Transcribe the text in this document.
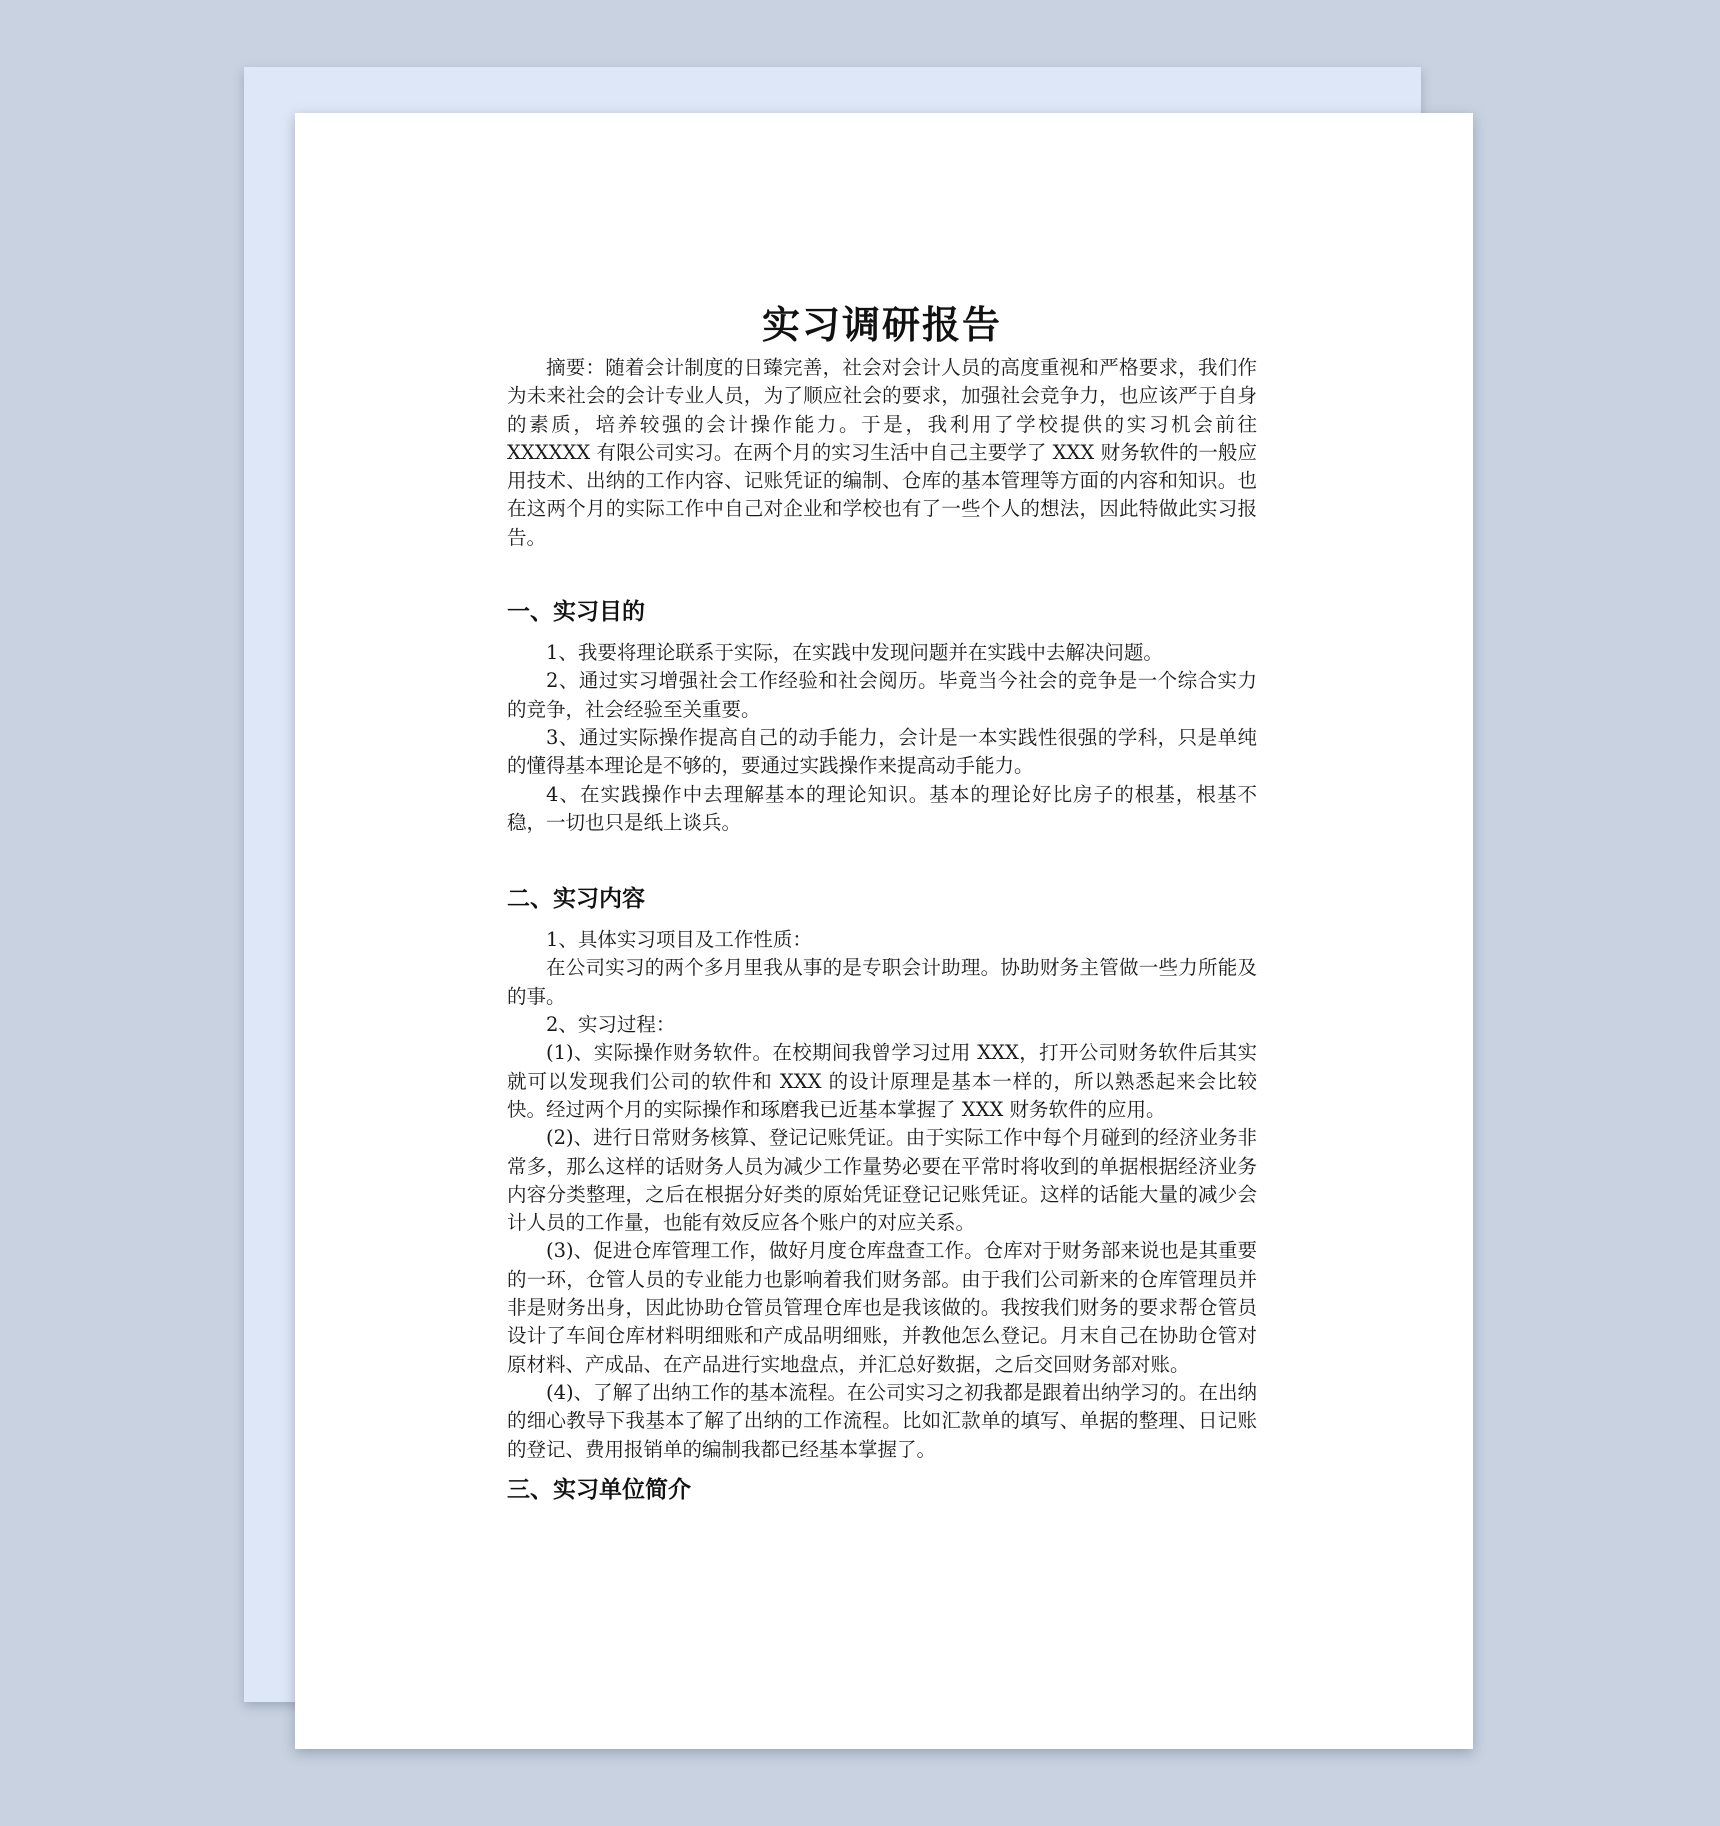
实习调研报告

摘要：随着会计制度的日臻完善，社会对会计人员的高度重视和严格要求，我们作为未来社会的会计专业人员，为了顺应社会的要求，加强社会竞争力，也应该严于自身的素质，培养较强的会计操作能力。于是，我利用了学校提供的实习机会前往 XXXXXX 有限公司实习。在两个月的实习生活中自己主要学了 XXX 财务软件的一般应用技术、出纳的工作内容、记账凭证的编制、仓库的基本管理等方面的内容和知识。也在这两个月的实际工作中自己对企业和学校也有了一些个人的想法，因此特做此实习报告。

一、实习目的

1、我要将理论联系于实际，在实践中发现问题并在实践中去解决问题。

2、通过实习增强社会工作经验和社会阅历。毕竟当今社会的竞争是一个综合实力的竞争，社会经验至关重要。

3、通过实际操作提高自己的动手能力，会计是一本实践性很强的学科，只是单纯的懂得基本理论是不够的，要通过实践操作来提高动手能力。

4、在实践操作中去理解基本的理论知识。基本的理论好比房子的根基，根基不稳，一切也只是纸上谈兵。

二、实习内容

1、具体实习项目及工作性质：

在公司实习的两个多月里我从事的是专职会计助理。协助财务主管做一些力所能及的事。

2、实习过程：

(1)、实际操作财务软件。在校期间我曾学习过用 XXX，打开公司财务软件后其实就可以发现我们公司的软件和 XXX 的设计原理是基本一样的，所以熟悉起来会比较快。经过两个月的实际操作和琢磨我已近基本掌握了 XXX 财务软件的应用。

(2)、进行日常财务核算、登记记账凭证。由于实际工作中每个月碰到的经济业务非常多，那么这样的话财务人员为减少工作量势必要在平常时将收到的单据根据经济业务内容分类整理，之后在根据分好类的原始凭证登记记账凭证。这样的话能大量的减少会计人员的工作量，也能有效反应各个账户的对应关系。

(3)、促进仓库管理工作，做好月度仓库盘查工作。仓库对于财务部来说也是其重要的一环，仓管人员的专业能力也影响着我们财务部。由于我们公司新来的仓库管理员并非是财务出身，因此协助仓管员管理仓库也是我该做的。我按我们财务的要求帮仓管员设计了车间仓库材料明细账和产成品明细账，并教他怎么登记。月末自己在协助仓管对原材料、产成品、在产品进行实地盘点，并汇总好数据，之后交回财务部对账。

(4)、了解了出纳工作的基本流程。在公司实习之初我都是跟着出纳学习的。在出纳的细心教导下我基本了解了出纳的工作流程。比如汇款单的填写、单据的整理、日记账的登记、费用报销单的编制我都已经基本掌握了。

三、实习单位简介
